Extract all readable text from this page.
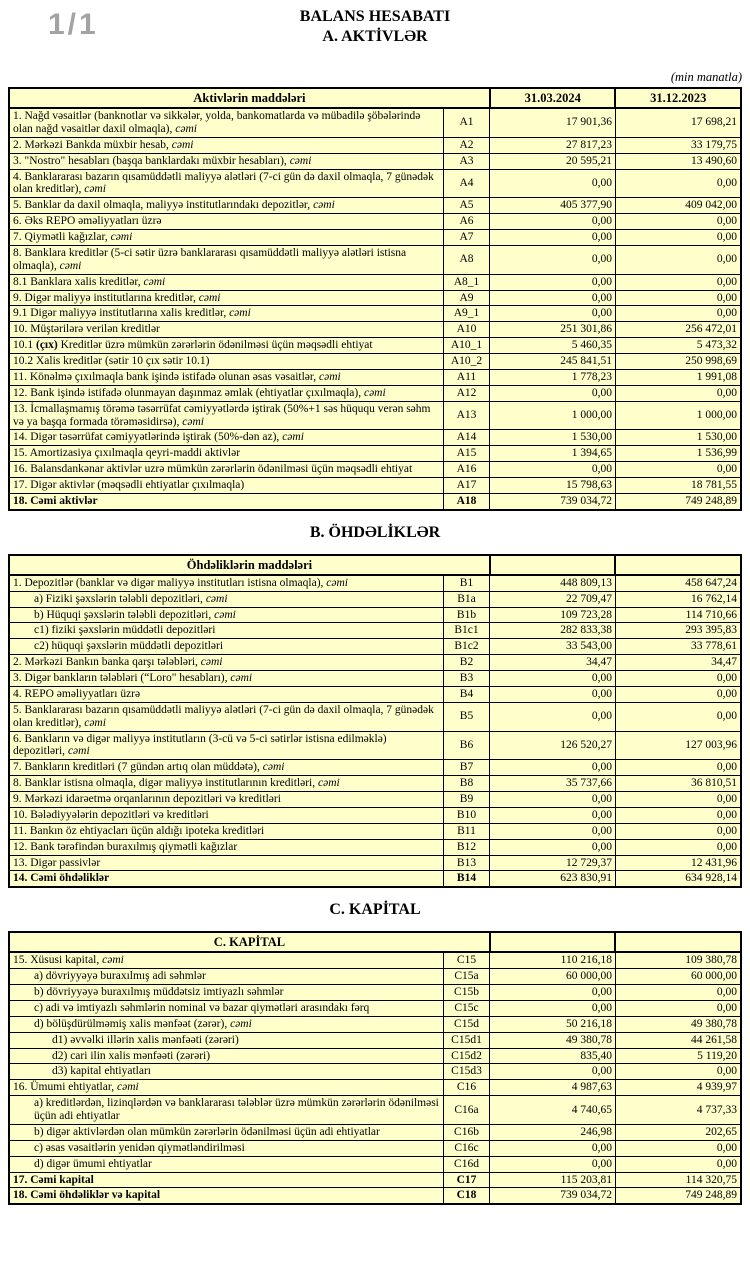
1/1	BALANS HESABATI
A. AKTİVLƏR
(min manatla)
Aktivlərin maddələri		31.03.2024	31.12.2023
1. Nağd vəsaitlər (banknotlar və sikkələr, yolda, bankomatlarda və mübadilə şöbələrində olan nağd vəsaitlər daxil olmaqla), cəmi	A1	17 901,36	17 698,21
2. Mərkəzi Bankda müxbir hesab, cəmi	A2	27 817,23	33 179,75
3. "Nostro" hesabları (başqa banklardakı müxbir hesabları), cəmi	A3	20 595,21	13 490,60
4. Banklararası bazarın qısamüddətli maliyyə alətləri (7-ci gün də daxil olmaqla, 7 günədək olan kreditlər), cəmi	A4	0,00	0,00
5. Banklar da daxil olmaqla, maliyyə institutlarındakı depozitlər, cəmi	A5	405 377,90	409 042,00
6. Əks REPO əməliyyatları üzrə	A6	0,00	0,00
7. Qiymətli kağızlar, cəmi	A7	0,00	0,00
8. Banklara kreditlər (5-ci sətir üzrə banklararası qısamüddətli maliyyə alətləri istisna olmaqla), cəmi	A8	0,00	0,00
8.1 Banklara xalis kreditlər, cəmi	A8_1	0,00	0,00
9. Digər maliyyə institutlarına kreditlər, cəmi	A9	0,00	0,00
9.1 Digər maliyyə institutlarına xalis kreditlər, cəmi	A9_1	0,00	0,00
10. Müştərilərə verilən kreditlər	A10	251 301,86	256 472,01
10.1 (çıx) Kreditlər üzrə mümkün zərərlərin ödənilməsi üçün məqsədli ehtiyat	A10_1	5 460,35	5 473,32
10.2 Xalis kreditlər (sətir 10 çıx sətir 10.1)	A10_2	245 841,51	250 998,69
11. Könəlmə çıxılmaqla bank işində istifadə olunan əsas vəsaitlər, cəmi	A11	1 778,23	1 991,08
12. Bank işində istifadə olunmayan daşınmaz əmlak (ehtiyatlar çıxılmaqla), cəmi	A12	0,00	0,00
13. İcmallaşmamış törəmə təsərrüfat cəmiyyətlərdə iştirak (50%+1 səs hüququ verən səhm və ya başqa formada törəməsidirsə), cəmi	A13	1 000,00	1 000,00
14. Digər təsərrüfat cəmiyyətlərində iştirak (50%-dən az), cəmi	A14	1 530,00	1 530,00
15. Amortizasiya çıxılmaqla qeyri-maddi aktivlər	A15	1 394,65	1 536,99
16. Balansdankənar aktivlər uzrə mümkün zərərlərin ödənilməsi üçün məqsədli ehtiyat	A16	0,00	0,00
17. Digər aktivlər (məqsədli ehtiyatlar çıxılmaqla)	A17	15 798,63	18 781,55
18. Cəmi aktivlər	A18	739 034,72	749 248,89
B. ÖHDƏLİKLƏR
Öhdəliklərin maddələri			
1. Depozitlər (banklar və digər maliyyə institutları istisna olmaqla), cəmi	B1	448 809,13	458 647,24
a) Fiziki şəxslərin tələbli depozitləri, cəmi	B1a	22 709,47	16 762,14
b) Hüquqi şəxslərin tələbli depozitləri, cəmi	B1b	109 723,28	114 710,66
c1) fiziki şəxslərin müddətli depozitləri	B1c1	282 833,38	293 395,83
c2) hüquqi şəxslərin müddətli depozitləri	B1c2	33 543,00	33 778,61
2. Mərkəzi Bankın banka qarşı tələbləri, cəmi	B2	34,47	34,47
3. Digər bankların tələbləri (“Loro" hesabları), cəmi	B3	0,00	0,00
4. REPO əməliyyatları üzrə	B4	0,00	0,00
5. Banklararası bazarın qısamüddətli maliyyə alətləri (7-ci gün də daxil olmaqla, 7 günədək olan kreditlər), cəmi	B5	0,00	0,00
6. Bankların və digər maliyyə institutların (3-cü və 5-ci sətirlər istisna edilməklə) depozitləri, cəmi	B6	126 520,27	127 003,96
7. Bankların kreditləri (7 gündən artıq olan müddətə), cəmi	B7	0,00	0,00
8. Banklar istisna olmaqla, digər maliyyə institutlarının kreditləri, cəmi	B8	35 737,66	36 810,51
9. Mərkəzi idarəetmə orqanlarının depozitləri və kreditləri	B9	0,00	0,00
10. Bələdiyyələrin depozitləri və kreditləri	B10	0,00	0,00
11. Bankın öz ehtiyacları üçün aldığı ipoteka kreditləri	B11	0,00	0,00
12. Bank tərəfindən buraxılmış qiymətli kağızlar	B12	0,00	0,00
13. Digər passivlər	B13	12 729,37	12 431,96
14. Cəmi öhdəliklər	B14	623 830,91	634 928,14
C. KAPİTAL
C. KAPİTAL			
15. Xüsusi kapital, cəmi	C15	110 216,18	109 380,78
a) dövriyyəyə buraxılmış adi səhmlər	C15a	60 000,00	60 000,00
b) dövriyyəyə buraxılmış müddətsiz imtiyazlı səhmlər	C15b	0,00	0,00
c) adi və imtiyazlı səhmlərin nominal və bazar qiymətləri arasındakı fərq	C15c	0,00	0,00
d) bölüşdürülməmiş xalis mənfəət (zərər), cəmi	C15d	50 216,18	49 380,78
d1) əvvəlki illərin xalis mənfəəti (zərəri)	C15d1	49 380,78	44 261,58
d2) cari ilin xalis mənfəəti (zərəri)	C15d2	835,40	5 119,20
d3) kapital ehtiyatları	C15d3	0,00	0,00
16. Ümumi ehtiyatlar, cəmi	C16	4 987,63	4 939,97
a) kreditlərdən, lizinqlərdən və banklararası tələblər üzrə mümkün zərərlərin ödənilməsi üçün adi ehtiyatlar	C16a	4 740,65	4 737,33
b) digər aktivlərdən olan mümkün zərərlərin ödənilməsi üçün adi ehtiyatlar	C16b	246,98	202,65
c) əsas vəsaitlərin yenidən qiymətləndirilməsi	C16c	0,00	0,00
d) digər ümumi ehtiyatlar	C16d	0,00	0,00
17. Cəmi kapital	C17	115 203,81	114 320,75
18. Cəmi öhdəliklər və kapital	C18	739 034,72	749 248,89
